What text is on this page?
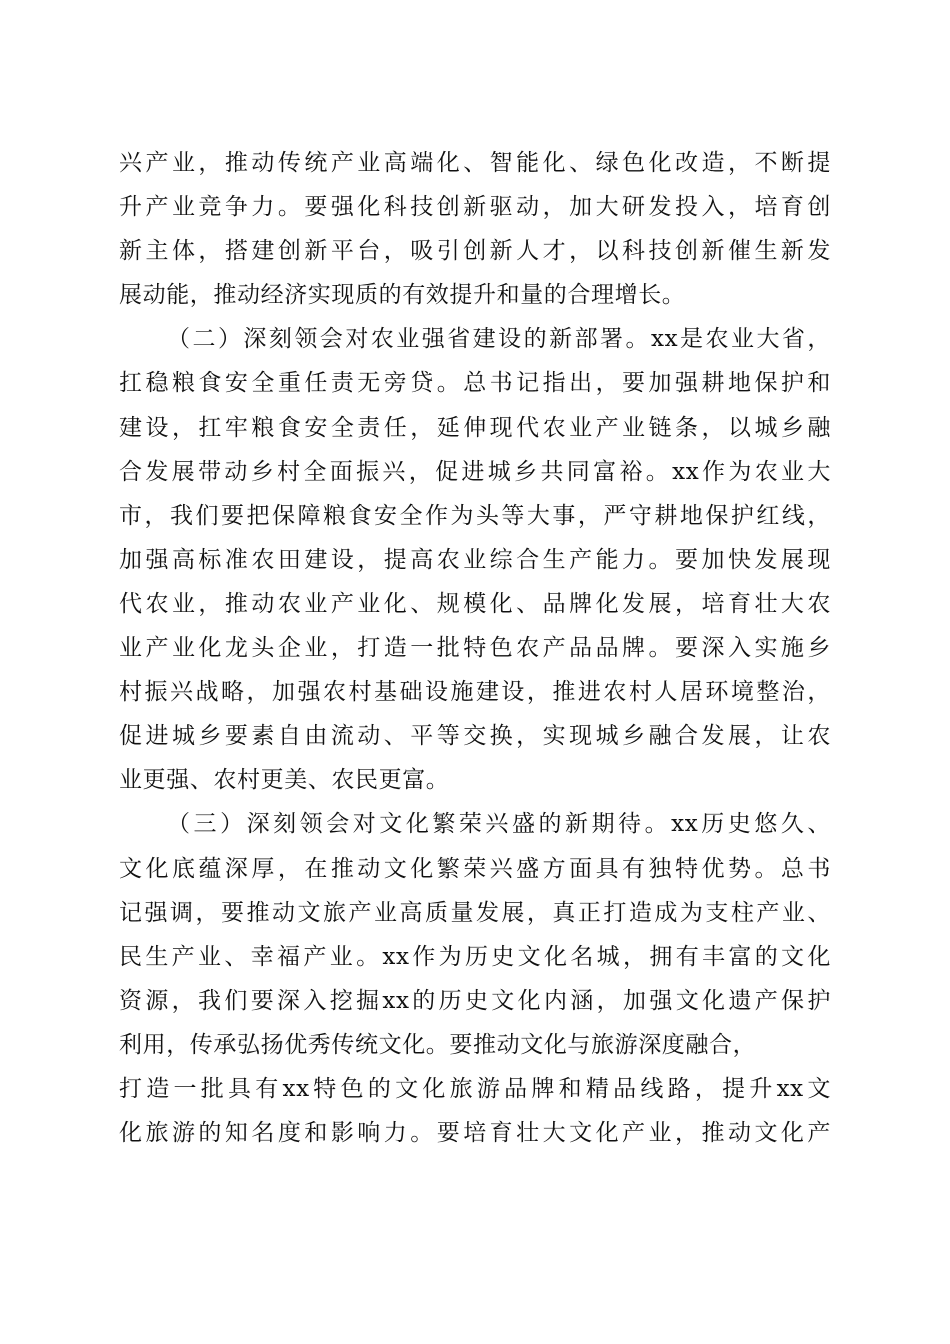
兴产业，推动传统产业高端化、智能化、绿色化改造，不断提
升产业竞争力。要强化科技创新驱动，加大研发投入，培育创
新主体，搭建创新平台，吸引创新人才，以科技创新催生新发
展动能，推动经济实现质的有效提升和量的合理增长。
（二）深刻领会对农业强省建设的新部署。xx是农业大省，
扛稳粮食安全重任责无旁贷。总书记指出，要加强耕地保护和
建设，扛牢粮食安全责任，延伸现代农业产业链条，以城乡融
合发展带动乡村全面振兴，促进城乡共同富裕。xx作为农业大
市，我们要把保障粮食安全作为头等大事，严守耕地保护红线，
加强高标准农田建设，提高农业综合生产能力。要加快发展现
代农业，推动农业产业化、规模化、品牌化发展，培育壮大农
业产业化龙头企业，打造一批特色农产品品牌。要深入实施乡
村振兴战略，加强农村基础设施建设，推进农村人居环境整治，
促进城乡要素自由流动、平等交换，实现城乡融合发展，让农
业更强、农村更美、农民更富。
（三）深刻领会对文化繁荣兴盛的新期待。xx历史悠久、
文化底蕴深厚，在推动文化繁荣兴盛方面具有独特优势。总书
记强调，要推动文旅产业高质量发展，真正打造成为支柱产业、
民生产业、幸福产业。xx作为历史文化名城，拥有丰富的文化
资源，我们要深入挖掘xx的历史文化内涵，加强文化遗产保护
利用，传承弘扬优秀传统文化。要推动文化与旅游深度融合，
打造一批具有xx特色的文化旅游品牌和精品线路，提升xx文
化旅游的知名度和影响力。要培育壮大文化产业，推动文化产
